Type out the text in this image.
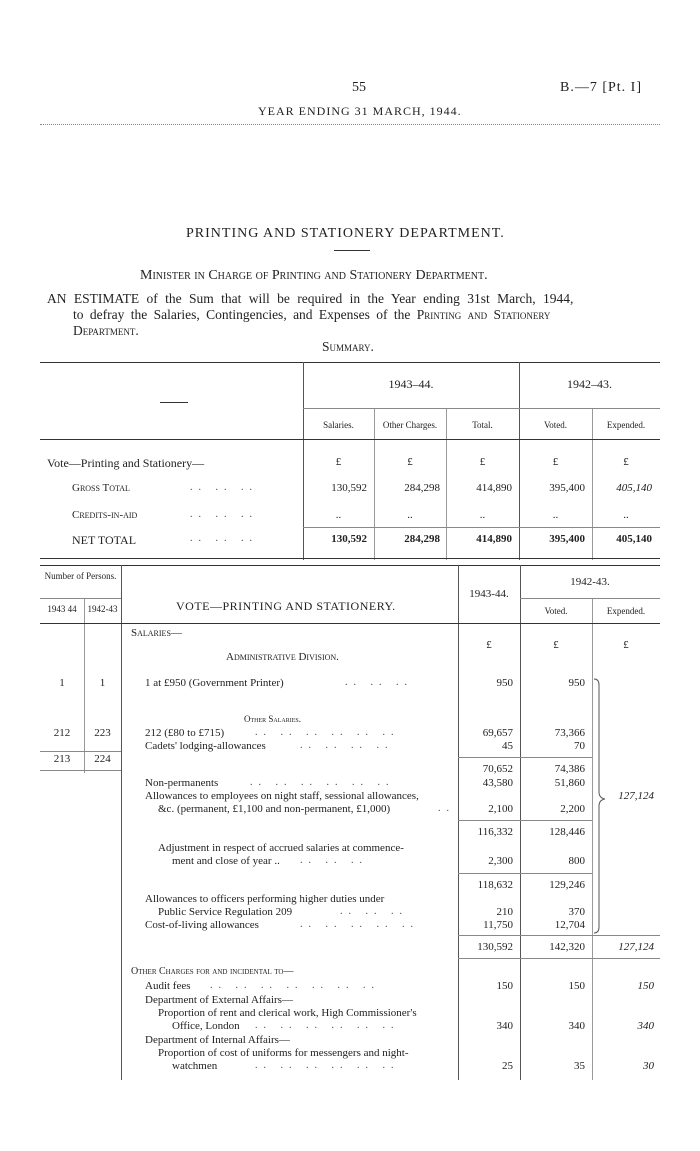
55	B.—7 [Pt. I]
YEAR ENDING 31 MARCH, 1944.
PRINTING AND STATIONERY DEPARTMENT.
Minister in Charge of Printing and Stationery Department.
AN ESTIMATE of the Sum that will be required in the Year ending 31st March, 1944,
to defray the Salaries, Contingencies, and Expenses of the Printing and Stationery
Department.
Summary.
1943–44.	1942–43.
Salaries.	Other Charges.	Total.	Voted.	Expended.
Vote—Printing and Stationery—	£	£	£	£	£
Gross Total	.. .. ..	130,592	284,298	414,890	395,400	405,140
Credits-in-aid	.. .. ..	..	..	..	..	..
NET TOTAL	.. .. ..	130,592	284,298	414,890	395,400	405,140
Number of Persons.
1943 44	1942-43	VOTE—PRINTING AND STATIONERY.
1943-44.
1942-43.
Voted.	Expended.
Salaries—
£	£	£
Administrative Division.
1	1	1 at £950 (Government Printer)	.. .. ..	950	950
Other Salaries.
212	223	212 (£80 to £715)	.. .. .. .. .. ..	69,657	73,366
Cadets' lodging-allowances	.. .. .. ..	45	70
213	224
70,652	74,386
Non-permanents	.. .. .. .. .. ..	43,580	51,860
Allowances to employees on night staff, sessional allowances,
&c. (permanent, £1,100 and non-permanent, £1,000)	..	2,100	2,200
127,124
116,332	128,446
Adjustment in respect of accrued salaries at commence-
ment and close of year .. .. .. ..	2,300	800
118,632	129,246
Allowances to officers performing higher duties under
Public Service Regulation 209	.. .. ..	210	370
Cost-of-living allowances	.. .. .. .. ..	11,750	12,704
130,592	142,320	127,124
Other Charges for and incidental to—
Audit fees .. .. .. .. .. .. ..	150	150	150
Department of External Affairs—
Proportion of rent and clerical work, High Commissioner's
Office, London .. .. .. .. .. ..	340	340	340
Department of Internal Affairs—
Proportion of cost of uniforms for messengers and night-
watchmen	.. .. .. .. .. ..	25	35	30
